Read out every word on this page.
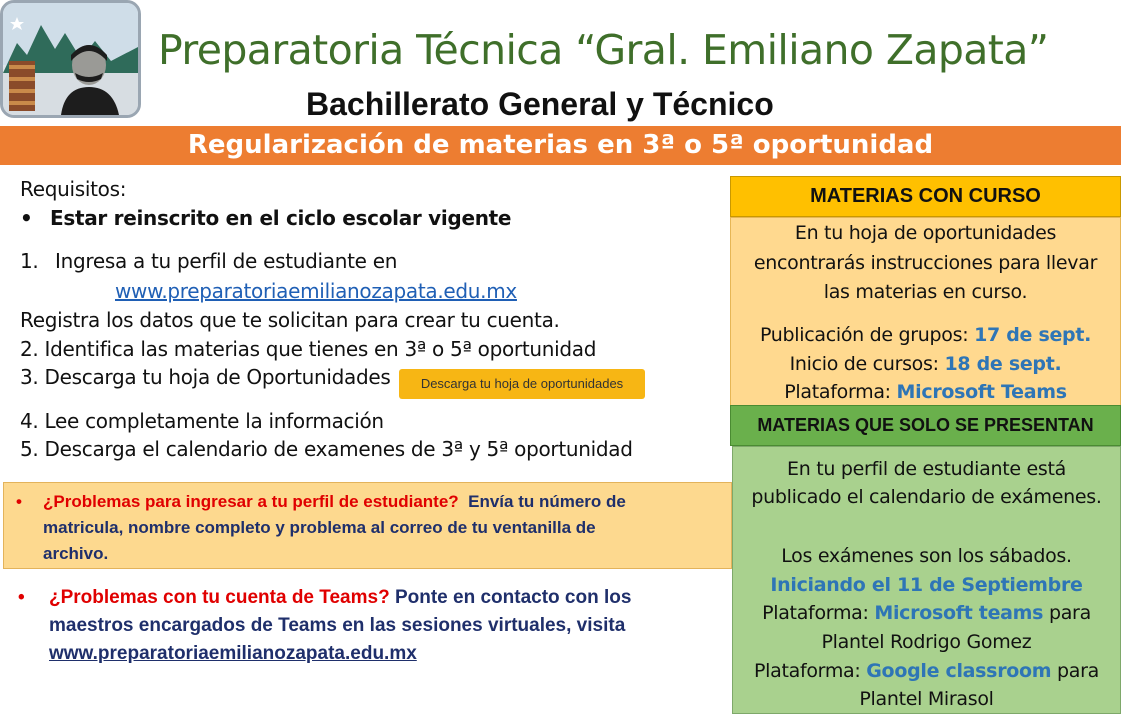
Preparatoria Técnica “Gral. Emiliano Zapata”
Bachillerato General y Técnico
Regularización de materias en 3ª o 5ª oportunidad
Requisitos:
• Estar reinscrito en el ciclo escolar vigente
1. Ingresa a tu perfil de estudiante en
www.preparatoriaemilianozapata.edu.mx
Registra los datos que te solicitan para crear tu cuenta.
2. Identifica las materias que tienes en 3ª o 5ª oportunidad
3. Descarga tu hoja de Oportunidades	Descarga tu hoja de oportunidades
4. Lee completamente la información
5. Descarga el calendario de examenes de 3ª y 5ª oportunidad
• ¿Problemas para ingresar a tu perfil de estudiante? Envía tu número de
matricula, nombre completo y problema al correo de tu ventanilla de
archivo.
• ¿Problemas con tu cuenta de Teams? Ponte en contacto con los
maestros encargados de Teams en las sesiones virtuales, visita
www.preparatoriaemilianozapata.edu.mx
MATERIAS CON CURSO
En tu hoja de oportunidades
encontrarás instrucciones para llevar
las materias en curso.
Publicación de grupos: 17 de sept.
Inicio de cursos: 18 de sept.
Plataforma: Microsoft Teams
MATERIAS QUE SOLO SE PRESENTAN
En tu perfil de estudiante está
publicado el calendario de exámenes.
Los exámenes son los sábados.
Iniciando el 11 de Septiembre
Plataforma: Microsoft teams para
Plantel Rodrigo Gomez
Plataforma: Google classroom para
Plantel Mirasol
